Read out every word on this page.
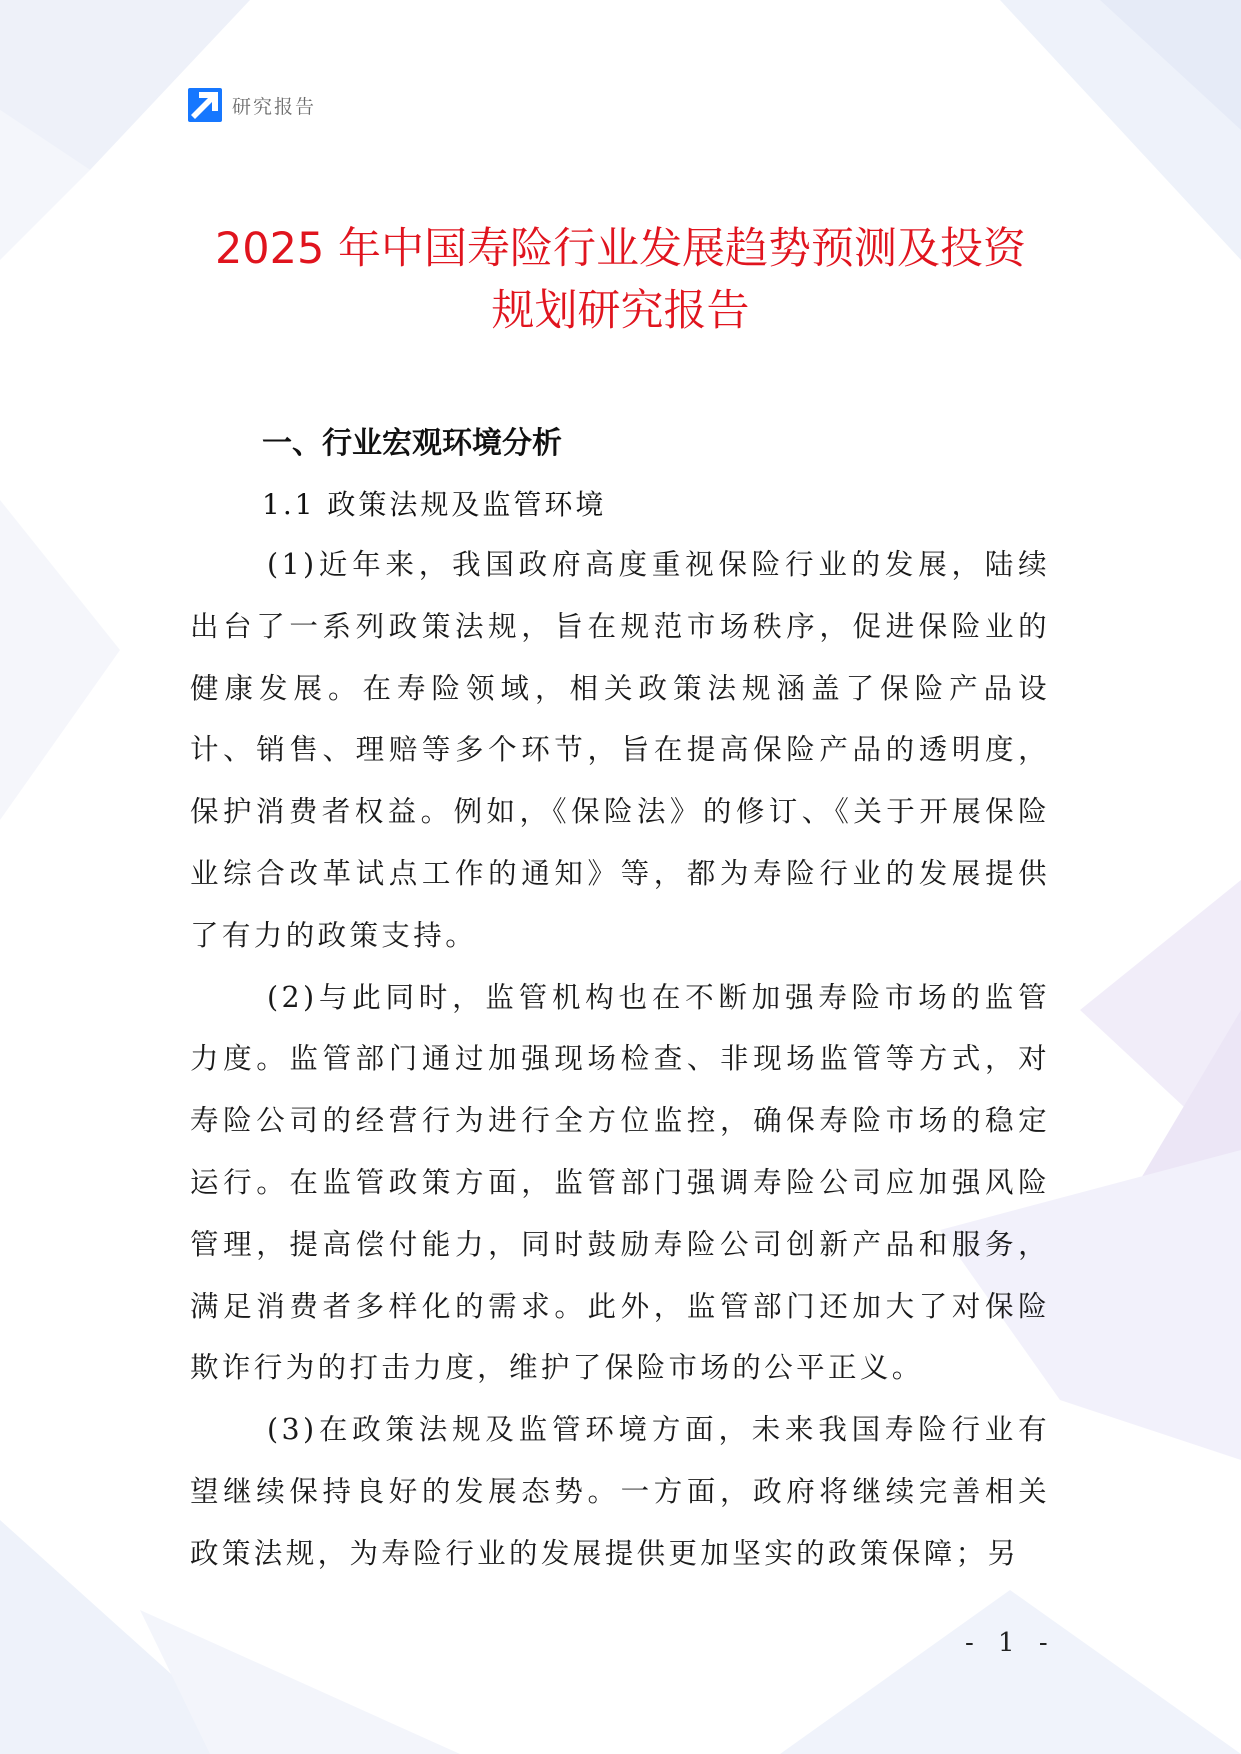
研究报告
2025 年中国寿险行业发展趋势预测及投资
规划研究报告
一、行业宏观环境分析
1.1 政策法规及监管环境

(1)近年来，我国政府高度重视保险行业的发展，陆续出台了一系列政策法规，旨在规范市场秩序，促进保险业的健康发展。在寿险领域，相关政策法规涵盖了保险产品设计、销售、理赔等多个环节，旨在提高保险产品的透明度，保护消费者权益。例如，《保险法》的修订、《关于开展保险业综合改革试点工作的通知》等，都为寿险行业的发展提供了有力的政策支持。

(2)与此同时，监管机构也在不断加强寿险市场的监管力度。监管部门通过加强现场检查、非现场监管等方式，对寿险公司的经营行为进行全方位监控，确保寿险市场的稳定运行。在监管政策方面，监管部门强调寿险公司应加强风险管理，提高偿付能力，同时鼓励寿险公司创新产品和服务，满足消费者多样化的需求。此外，监管部门还加大了对保险欺诈行为的打击力度，维护了保险市场的公平正义。

(3)在政策法规及监管环境方面，未来我国寿险行业有望继续保持良好的发展态势。一方面，政府将继续完善相关政策法规，为寿险行业的发展提供更加坚实的政策保障；另

- 1 -
